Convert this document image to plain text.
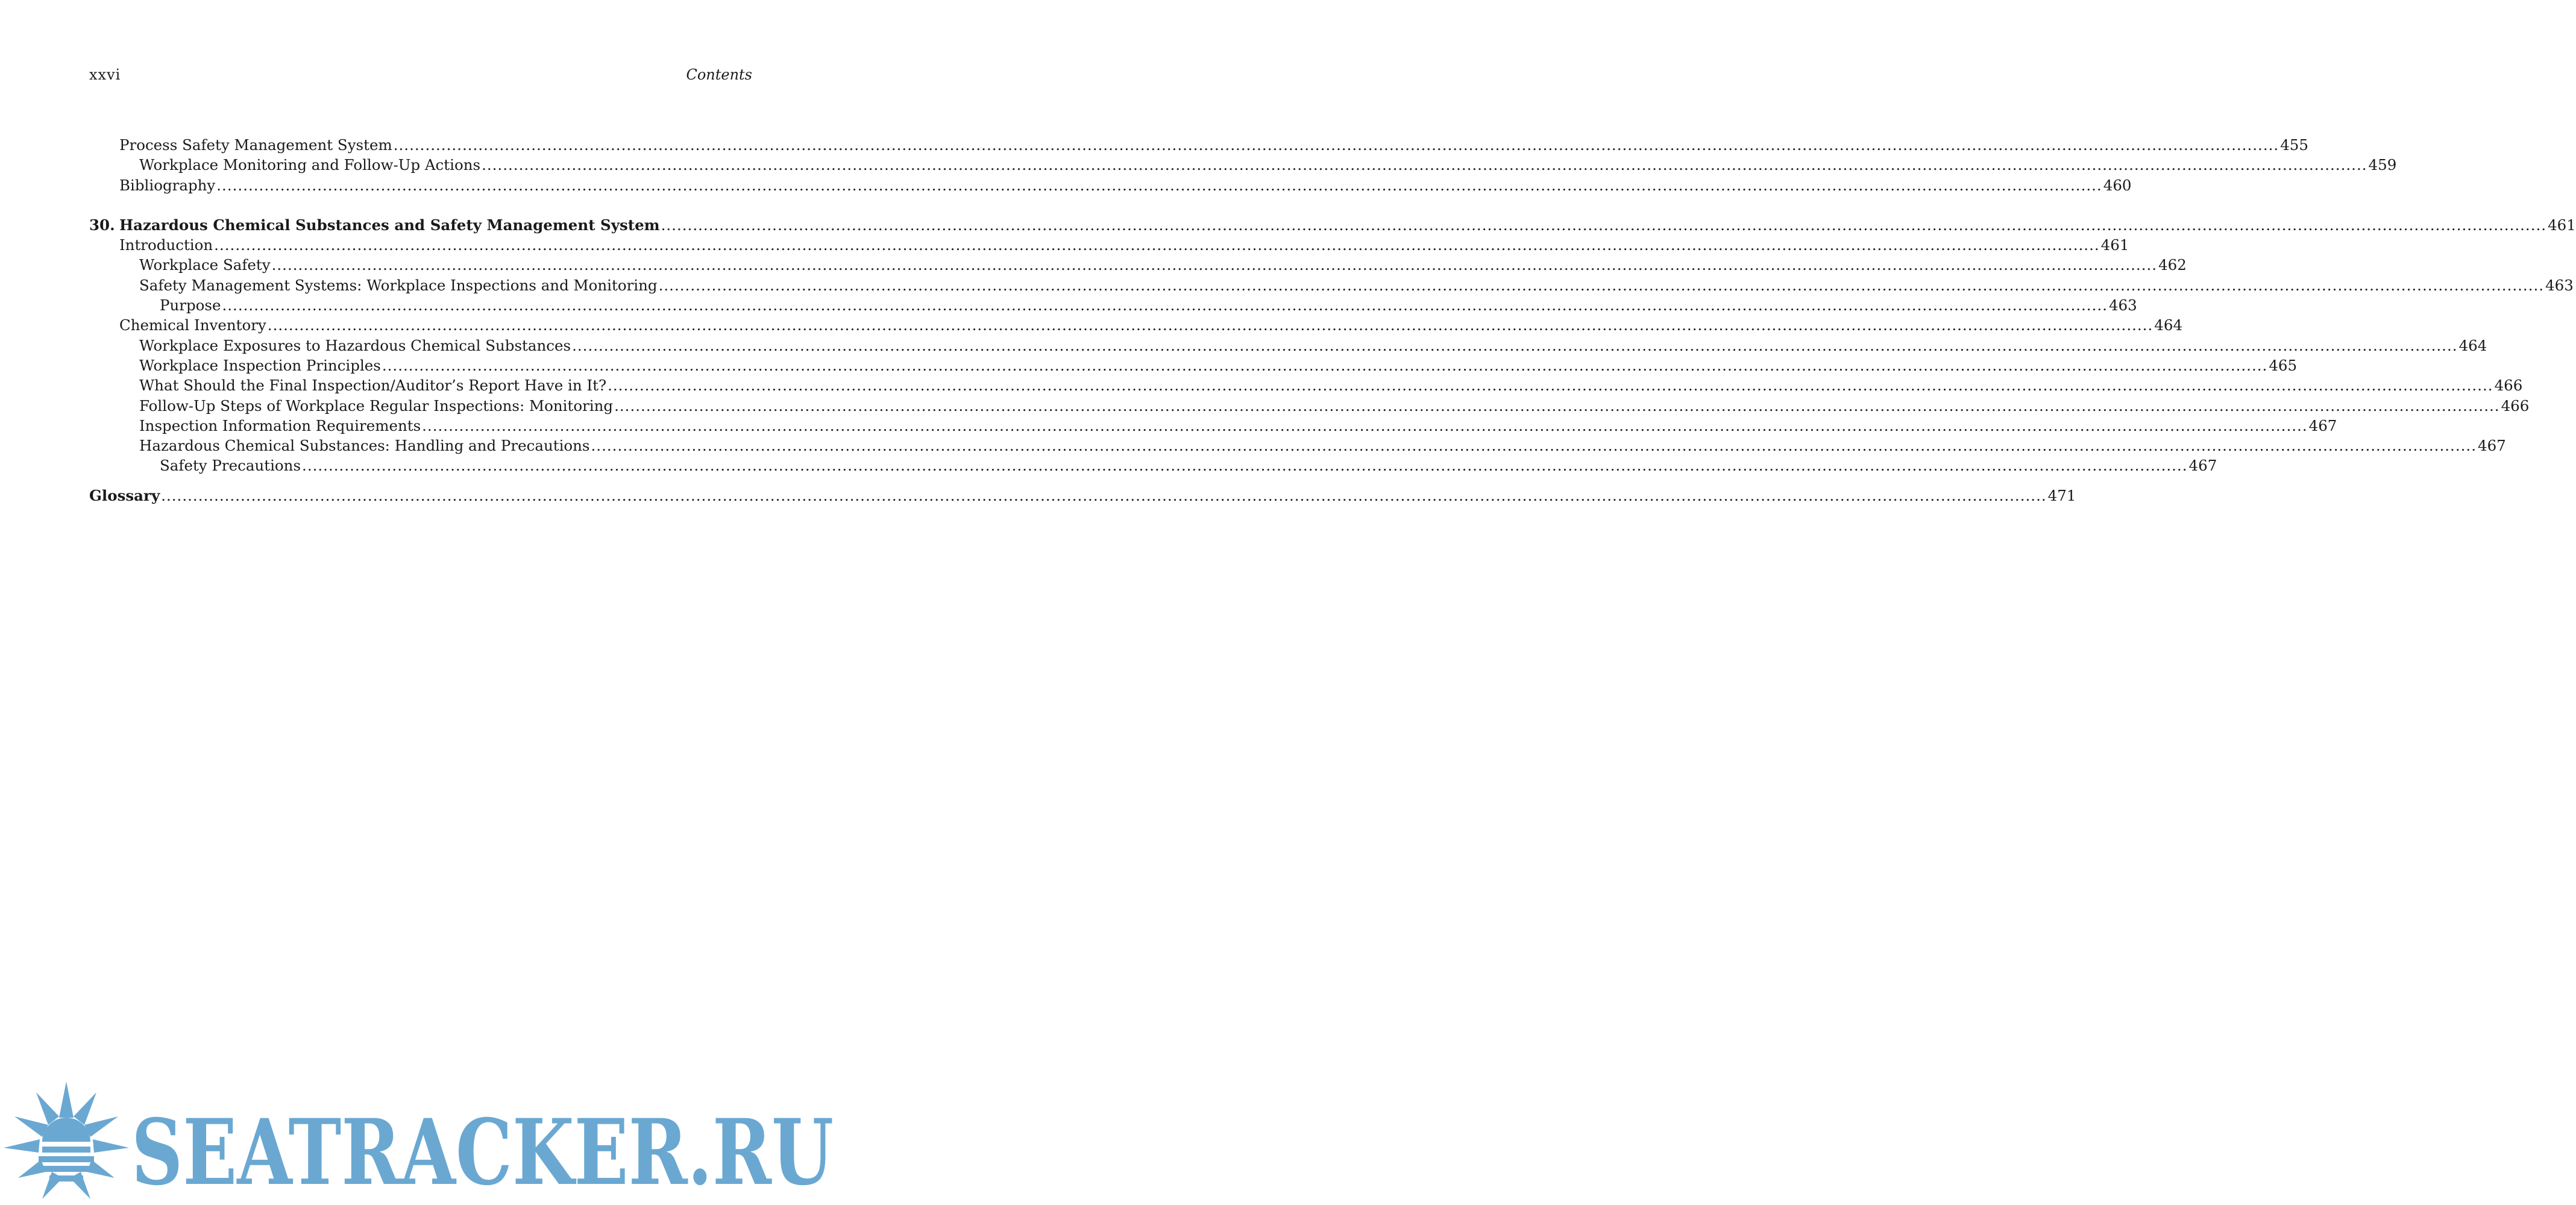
xxvi	Contents
Process Safety Management System .....	455
Workplace Monitoring and Follow-Up Actions .....	459
Bibliography .....	460
30. Hazardous Chemical Substances and Safety Management System .....	461
Introduction .....	461
Workplace Safety .....	462
Safety Management Systems: Workplace Inspections and Monitoring .....	463
Purpose .....	463
Chemical Inventory .....	464
Workplace Exposures to Hazardous Chemical Substances .....	464
Workplace Inspection Principles .....	465
What Should the Final Inspection/Auditor’s Report Have in It? .....	466
Follow-Up Steps of Workplace Regular Inspections: Monitoring .....	466
Inspection Information Requirements .....	467
Hazardous Chemical Substances: Handling and Precautions .....	467
Safety Precautions .....	467
Glossary .....	471
SEATRACKER.RU
